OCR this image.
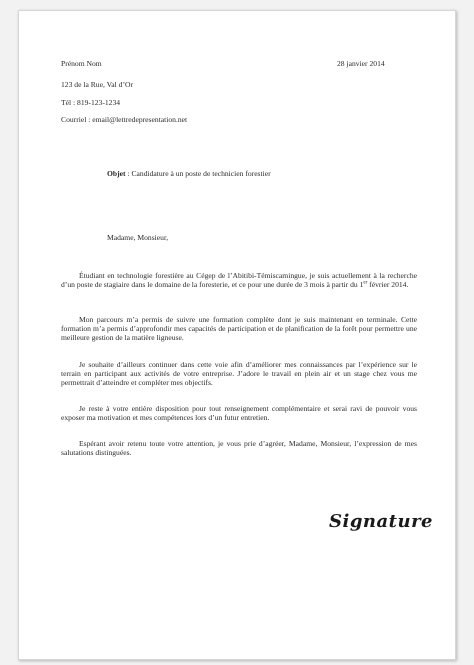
Prénom Nom	28 janvier 2014

123 de la Rue, Val d’Or

Tél : 819-123-1234

Courriel : email@lettredepresentation.net

Objet : Candidature à un poste de technicien forestier

Madame, Monsieur,

Étudiant en technologie forestière au Cégep de l’Abitibi-Témiscamingue, je suis actuellement à la recherche d’un poste de stagiaire dans le domaine de la foresterie, et ce pour une durée de 3 mois à partir du 1er février 2014.

Mon parcours m’a permis de suivre une formation complète dont je suis maintenant en terminale. Cette formation m’a permis d’approfondir mes capacités de participation et de planification de la forêt pour permettre une meilleure gestion de la matière ligneuse.

Je souhaite d’ailleurs continuer dans cette voie afin d’améliorer mes connaissances par l’expérience sur le terrain en participant aux activités de votre entreprise. J’adore le travail en plein air et un stage chez vous me permettrait d’atteindre et compléter mes objectifs.

Je reste à votre entière disposition pour tout renseignement complémentaire et serai ravi de pouvoir vous exposer ma motivation et mes compétences lors d’un futur entretien.

Espérant avoir retenu toute votre attention, je vous prie d’agréer, Madame, Monsieur, l’expression de mes salutations distinguées.

Signature
